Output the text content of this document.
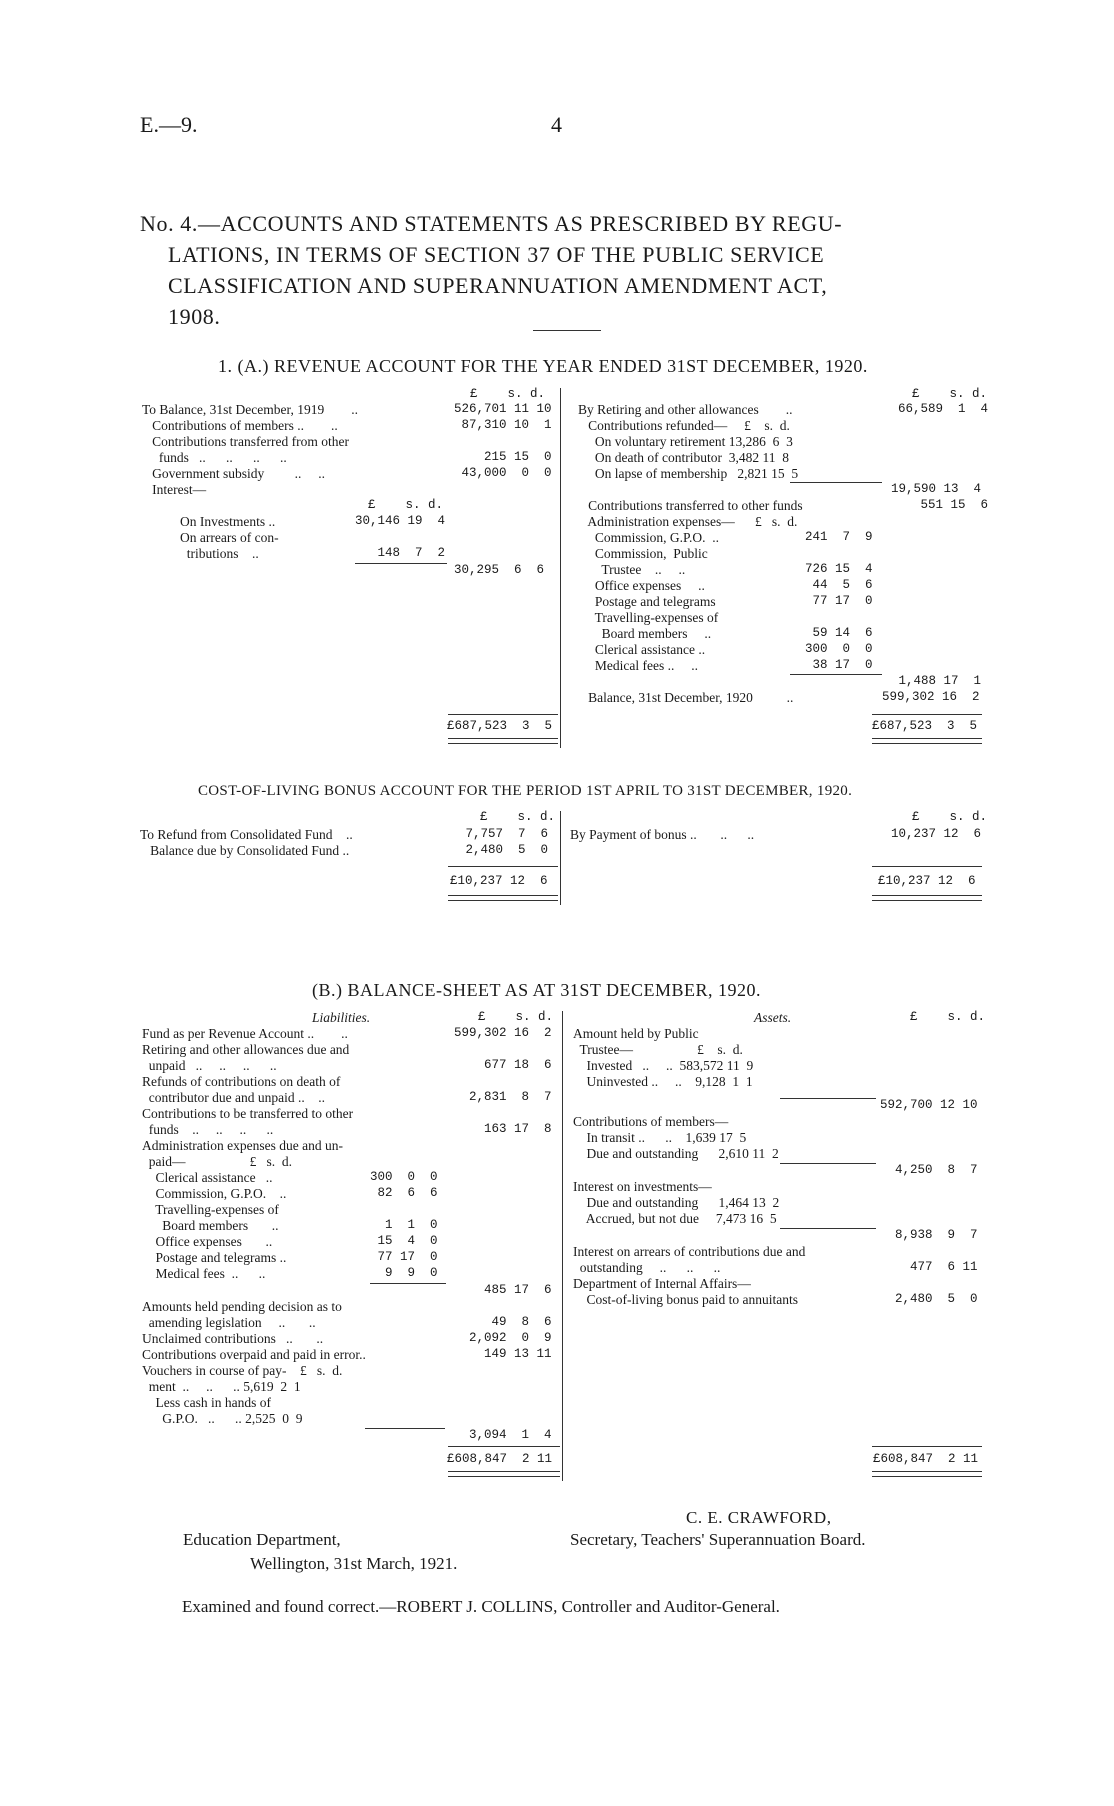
E.—9.	4
No. 4.—ACCOUNTS AND STATEMENTS AS PRESCRIBED BY REGU-
LATIONS, IN TERMS OF SECTION 37 OF THE PUBLIC SERVICE
CLASSIFICATION AND SUPERANNUATION AMENDMENT ACT,
1908.
1. (A.) REVENUE ACCOUNT FOR THE YEAR ENDED 31ST DECEMBER, 1920.
£    s. d.	£    s. d.
To Balance, 31st December, 1919        ..	526,701 11 10
Contributions of members ..        ..	87,310 10  1
Contributions transferred from other
funds   ..      ..      ..      ..	215 15  0
Government subsidy         ..     ..	43,000  0  0
Interest—
£    s. d.
On Investments ..	30,146 19  4
On arrears of con-
tributions    ..	148  7  2
30,295  6  6
£687,523  3  5
By Retiring and other allowances        ..	66,589  1  4
Contributions refunded—     £    s.  d.
On voluntary retirement 13,286  6  3
On death of contributor  3,482 11  8
On lapse of membership   2,821 15  5
19,590 13  4
Contributions transferred to other funds	551 15  6
Administration expenses—      £   s.  d.
Commission, G.P.O.  ..	241  7  9
Commission,  Public
Trustee    ..     ..	726 15  4
Office expenses     ..	44  5  6
Postage and telegrams	77 17  0
Travelling-expenses of
Board members     ..	59 14  6
Clerical assistance ..	300  0  0
Medical fees ..     ..	38 17  0
1,488 17  1
Balance, 31st December, 1920          ..	599,302 16  2
£687,523  3  5
COST-OF-LIVING BONUS ACCOUNT FOR THE PERIOD 1ST APRIL TO 31ST DECEMBER, 1920.
£    s. d.	£    s. d.
To Refund from Consolidated Fund    ..	7,757  7  6
Balance due by Consolidated Fund ..	2,480  5  0
£10,237 12  6
By Payment of bonus ..       ..      ..	10,237 12  6
£10,237 12  6
(B.) BALANCE-SHEET AS AT 31ST DECEMBER, 1920.
Liabilities.	£    s. d.	Assets.	£    s. d.
Fund as per Revenue Account ..        ..	599,302 16  2
Retiring and other allowances due and
unpaid   ..     ..     ..      ..	677 18  6
Refunds of contributions on death of
contributor due and unpaid ..    ..	2,831  8  7
Contributions to be transferred to other
funds    ..     ..     ..      ..	163 17  8
Administration expenses due and un-
paid—                   £   s.  d.
Clerical assistance   ..	300  0  0
Commission, G.P.O.    ..	82  6  6
Travelling-expenses of
Board members       ..	1  1  0
Office expenses       ..	15  4  0
Postage and telegrams ..	77 17  0
Medical fees  ..      ..	9  9  0
485 17  6
Amounts held pending decision as to
amending legislation     ..       ..	49  8  6
Unclaimed contributions   ..       ..	2,092  0  9
Contributions overpaid and paid in error..	149 13 11
Vouchers in course of pay-    £   s.  d.
ment  ..     ..      .. 5,619  2  1
Less cash in hands of
G.P.O.   ..      .. 2,525  0  9
3,094  1  4
£608,847  2 11
Amount held by Public
Trustee—                   £    s.  d.
Invested   ..     ..  583,572 11  9
Uninvested ..     ..    9,128  1  1
592,700 12 10
Contributions of members—
In transit ..      ..    1,639 17  5
Due and outstanding      2,610 11  2
4,250  8  7
Interest on investments—
Due and outstanding      1,464 13  2
Accrued, but not due     7,473 16  5
8,938  9  7
Interest on arrears of contributions due and
outstanding     ..      ..      ..	477  6 11
Department of Internal Affairs—
Cost-of-living bonus paid to annuitants	2,480  5  0
£608,847  2 11
C. E. CRAWFORD,
Education Department,	Secretary, Teachers' Superannuation Board.
Wellington, 31st March, 1921.
Examined and found correct.—ROBERT J. COLLINS, Controller and Auditor-General.
